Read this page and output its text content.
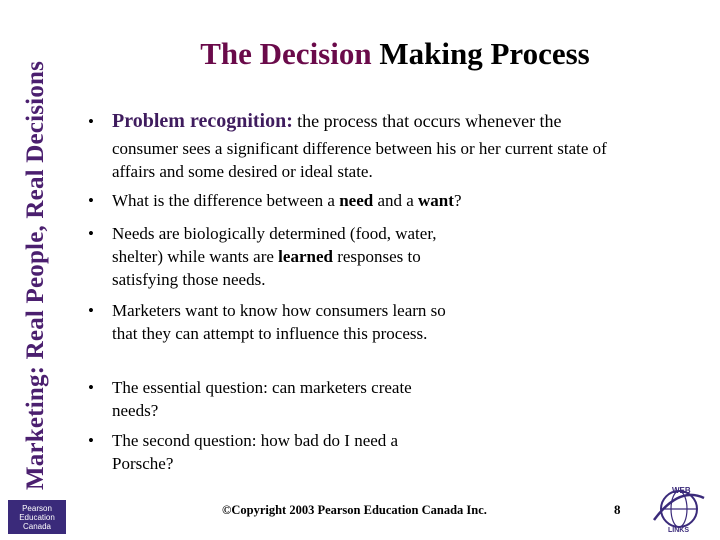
Marketing: Real People, Real Decisions
The Decision Making Process
• Problem recognition: the process that occurs whenever the
consumer sees a significant difference between his or her current state of affairs and some desired or ideal state.
•	What is the difference between a need and a want?
•	Needs are biologically determined (food, water, shelter) while wants are learned responses to satisfying those needs.
•	Marketers want to know how consumers learn so that they can attempt to influence this process.
•	The essential question: can marketers create needs?
•	The second question: how bad do I need a Porsche?
Pearson
Education
Canada
©Copyright 2003 Pearson Education Canada Inc.	8
WEB
LINKS
